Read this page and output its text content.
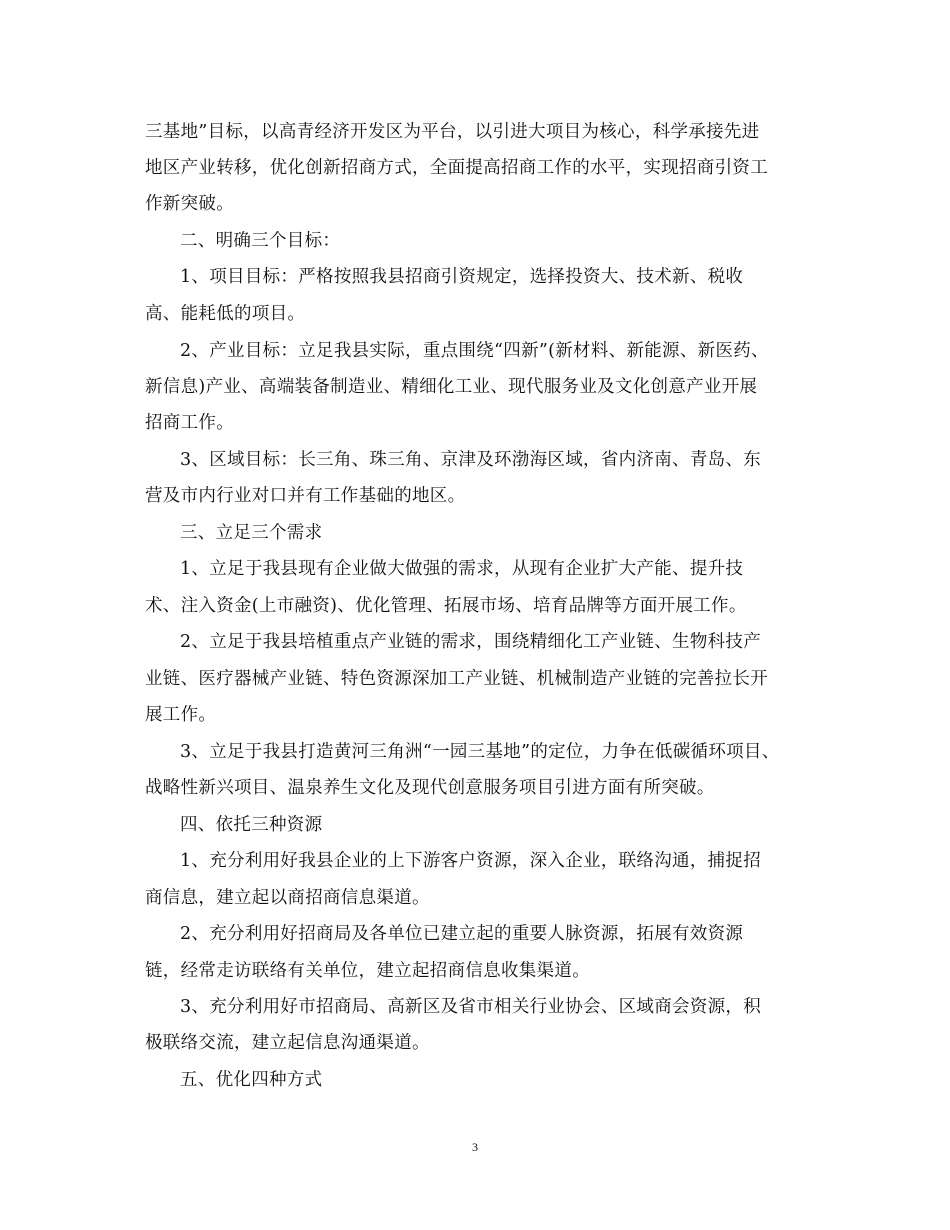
三基地”目标，以高青经济开发区为平台，以引进大项目为核心，科学承接先进
地区产业转移，优化创新招商方式，全面提高招商工作的水平，实现招商引资工
作新突破。
二、明确三个目标：
1、项目目标：严格按照我县招商引资规定，选择投资大、技术新、税收
高、能耗低的项目。
2、产业目标：立足我县实际，重点围绕“四新”(新材料、新能源、新医药、
新信息)产业、高端装备制造业、精细化工业、现代服务业及文化创意产业开展
招商工作。
3、区域目标：长三角、珠三角、京津及环渤海区域，省内济南、青岛、东
营及市内行业对口并有工作基础的地区。
三、立足三个需求
1、立足于我县现有企业做大做强的需求，从现有企业扩大产能、提升技
术、注入资金(上市融资)、优化管理、拓展市场、培育品牌等方面开展工作。
2、立足于我县培植重点产业链的需求，围绕精细化工产业链、生物科技产
业链、医疗器械产业链、特色资源深加工产业链、机械制造产业链的完善拉长开
展工作。
3、立足于我县打造黄河三角洲“一园三基地”的定位，力争在低碳循环项目、
战略性新兴项目、温泉养生文化及现代创意服务项目引进方面有所突破。
四、依托三种资源
1、充分利用好我县企业的上下游客户资源，深入企业，联络沟通，捕捉招
商信息，建立起以商招商信息渠道。
2、充分利用好招商局及各单位已建立起的重要人脉资源，拓展有效资源
链，经常走访联络有关单位，建立起招商信息收集渠道。
3、充分利用好市招商局、高新区及省市相关行业协会、区域商会资源，积
极联络交流，建立起信息沟通渠道。
五、优化四种方式
3
